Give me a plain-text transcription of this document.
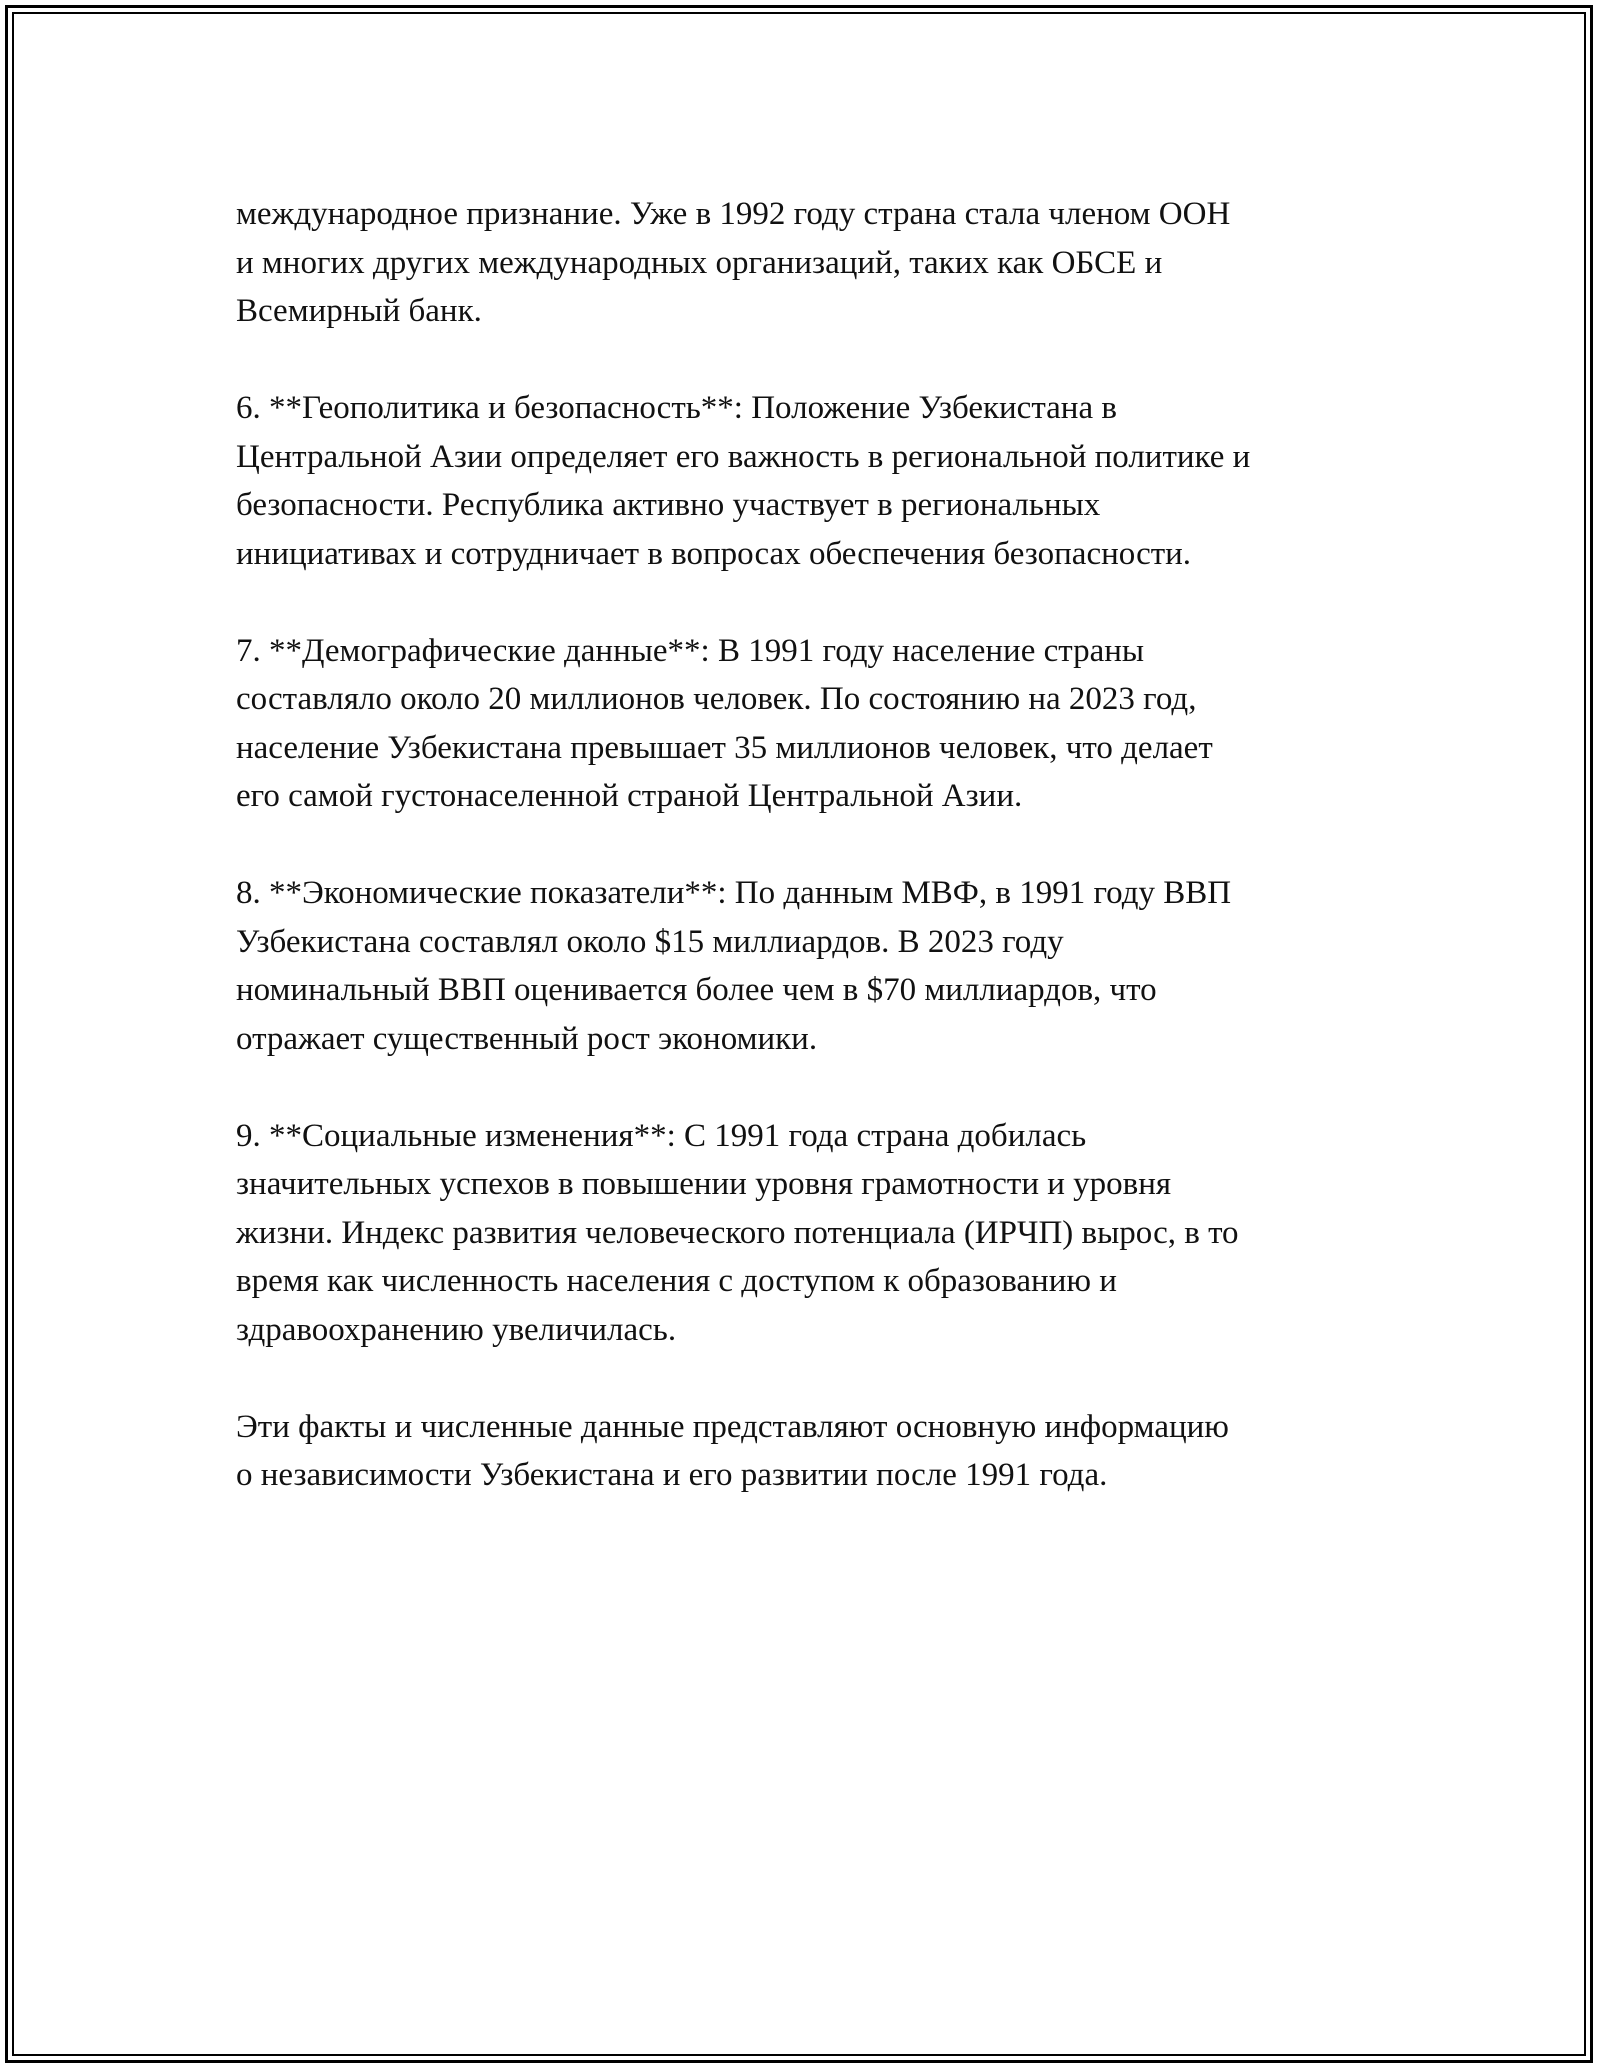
международное признание. Уже в 1992 году страна стала членом ООН
и многих других международных организаций, таких как ОБСЕ и
Всемирный банк.

6. **Геополитика и безопасность**: Положение Узбекистана в
Центральной Азии определяет его важность в региональной политике и
безопасности. Республика активно участвует в региональных
инициативах и сотрудничает в вопросах обеспечения безопасности.

7. **Демографические данные**: В 1991 году население страны
составляло около 20 миллионов человек. По состоянию на 2023 год,
население Узбекистана превышает 35 миллионов человек, что делает
его самой густонаселенной страной Центральной Азии.

8. **Экономические показатели**: По данным МВФ, в 1991 году ВВП
Узбекистана составлял около $15 миллиардов. В 2023 году
номинальный ВВП оценивается более чем в $70 миллиардов, что
отражает существенный рост экономики.

9. **Социальные изменения**: С 1991 года страна добилась
значительных успехов в повышении уровня грамотности и уровня
жизни. Индекс развития человеческого потенциала (ИРЧП) вырос, в то
время как численность населения с доступом к образованию и
здравоохранению увеличилась.

Эти факты и численные данные представляют основную информацию
о независимости Узбекистана и его развитии после 1991 года.
